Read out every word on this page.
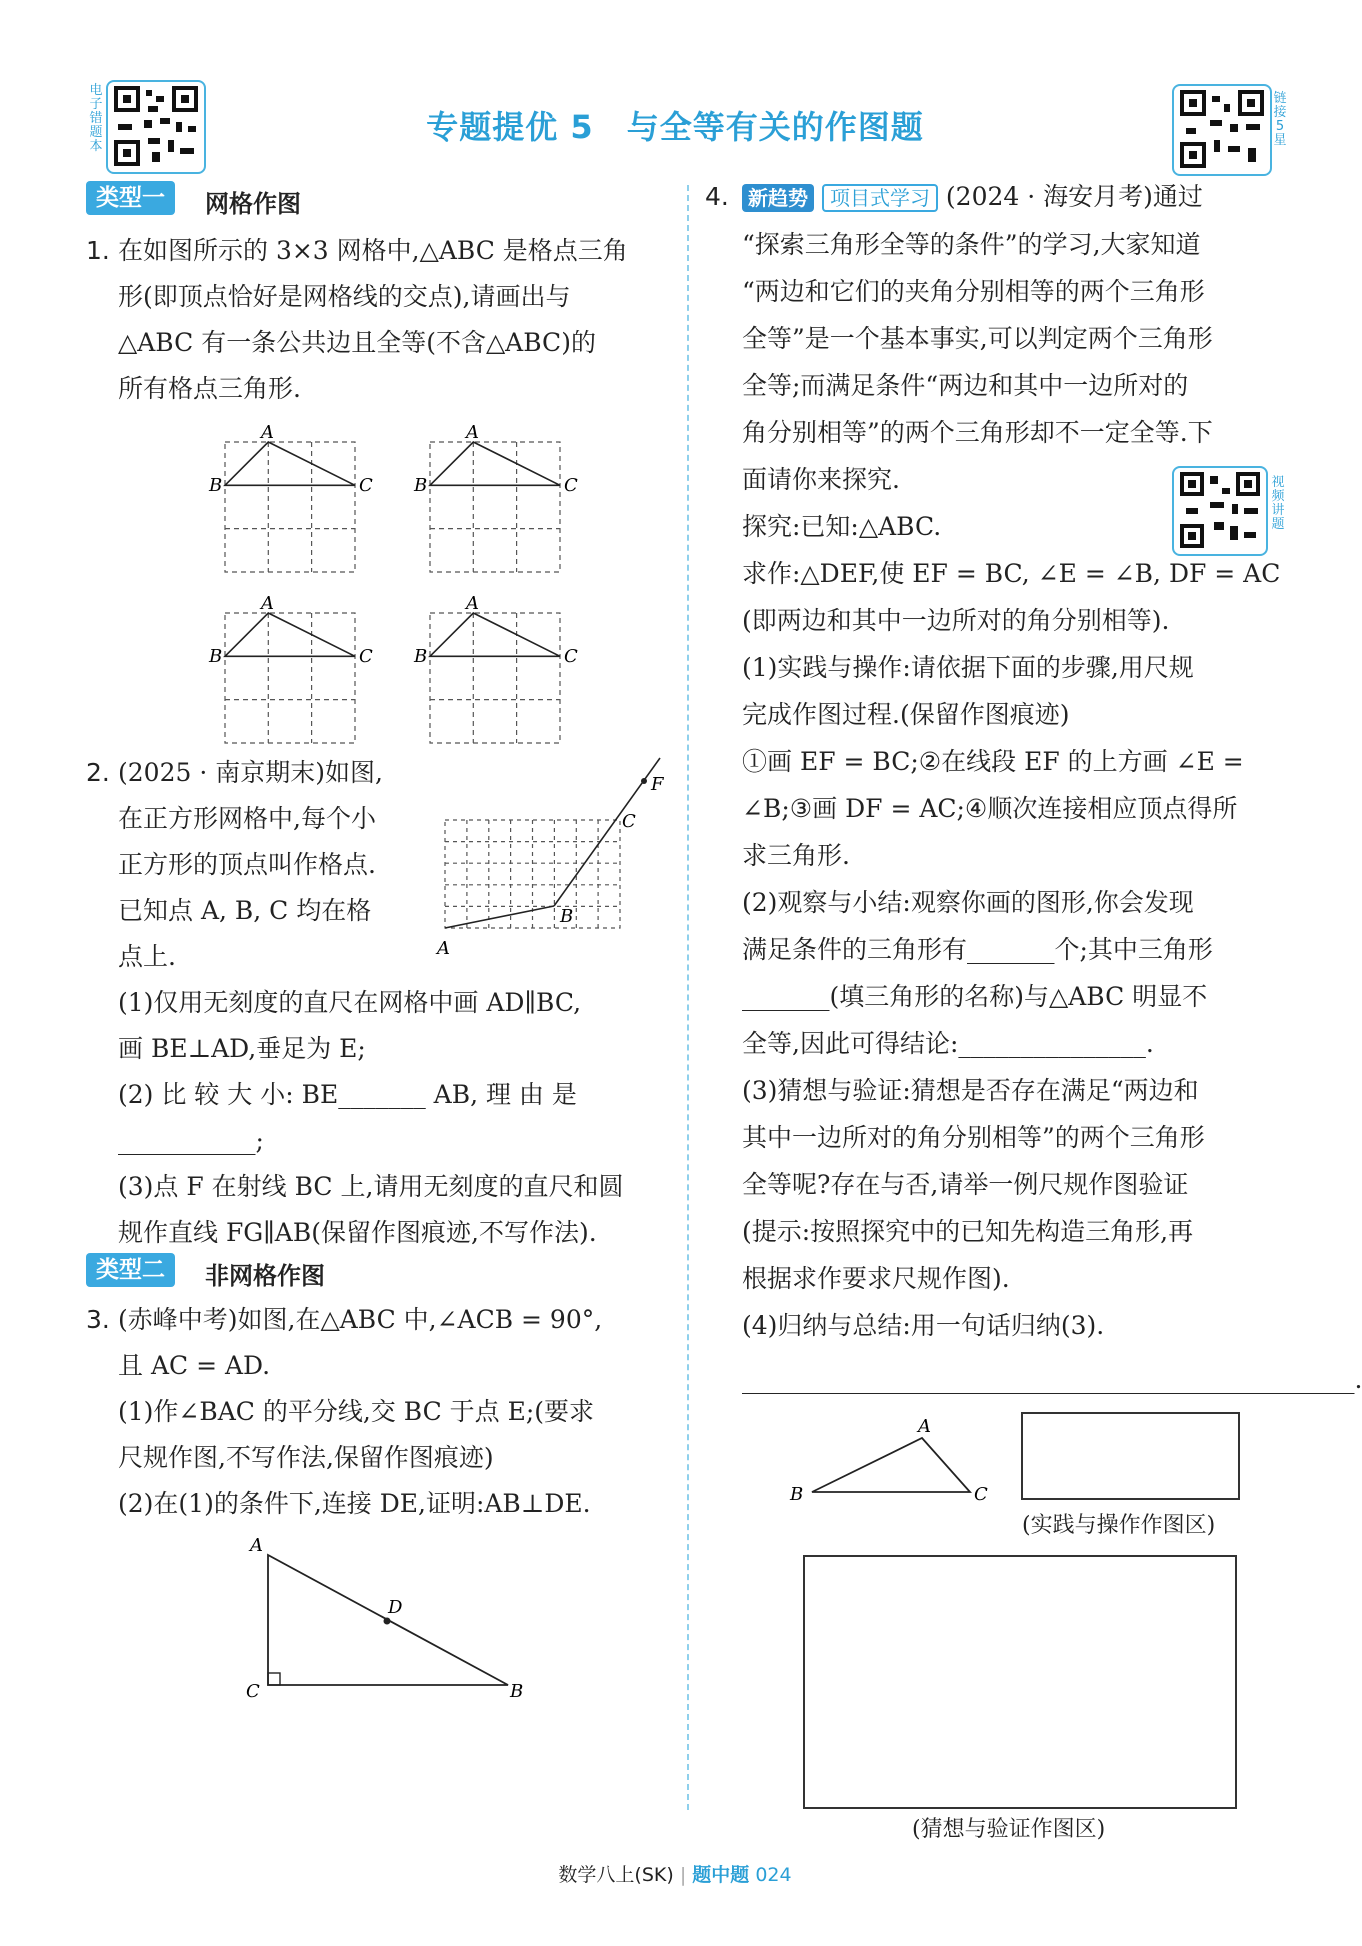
电
子
错
题
本
专题提优 5　与全等有关的作图题
链
接
5
星
类型一	网格作图
1. 在如图所示的 3×3 网格中,△ABC 是格点三角
形(即顶点恰好是网格线的交点),请画出与
△ABC 有一条公共边且全等(不含△ABC)的
所有格点三角形.
A
B	C
A
B	C
A
B	C
A
B	C
2. (2025 · 南京期末)如图,
在正方形网格中,每个小
正方形的顶点叫作格点.
已知点 A, B, C 均在格
点上.
(1)仅用无刻度的直尺在网格中画 AD∥BC,
画 BE⊥AD,垂足为 E;
(2) 比 较 大 小: BE_______ AB, 理 由 是
___________;
(3)点 F 在射线 BC 上,请用无刻度的直尺和圆
规作直线 FG∥AB(保留作图痕迹,不写作法).
A
B
C
F
类型二	非网格作图
3. (赤峰中考)如图,在△ABC 中,∠ACB = 90°,
且 AC = AD.
(1)作∠BAC 的平分线,交 BC 于点 E;(要求
尺规作图,不写作法,保留作图痕迹)
(2)在(1)的条件下,连接 DE,证明:AB⊥DE.
A
C	B
D
4. 新趋势 项目式学习 (2024 · 海安月考)通过
“探索三角形全等的条件”的学习,大家知道
“两边和它们的夹角分别相等的两个三角形
全等”是一个基本事实,可以判定两个三角形
全等;而满足条件“两边和其中一边所对的
角分别相等”的两个三角形却不一定全等.下
面请你来探究.	视
频
讲
题
探究:已知:△ABC.
求作:△DEF,使 EF = BC, ∠E = ∠B, DF = AC
(即两边和其中一边所对的角分别相等).
(1)实践与操作:请依据下面的步骤,用尺规
完成作图过程.(保留作图痕迹)
①画 EF = BC;②在线段 EF 的上方画 ∠E =
∠B;③画 DF = AC;④顺次连接相应顶点得所
求三角形.
(2)观察与小结:观察你画的图形,你会发现
满足条件的三角形有_______个;其中三角形
_______(填三角形的名称)与△ABC 明显不
全等,因此可得结论:_______________.
(3)猜想与验证:猜想是否存在满足“两边和
其中一边所对的角分别相等”的两个三角形
全等呢?存在与否,请举一例尺规作图验证
(提示:按照探究中的已知先构造三角形,再
根据求作要求尺规作图).
(4)归纳与总结:用一句话归纳(3).
_________________________________________________.
A
B	C
(实践与操作作图区)
(猜想与验证作图区)
数学八上(SK) | 题中题 024
